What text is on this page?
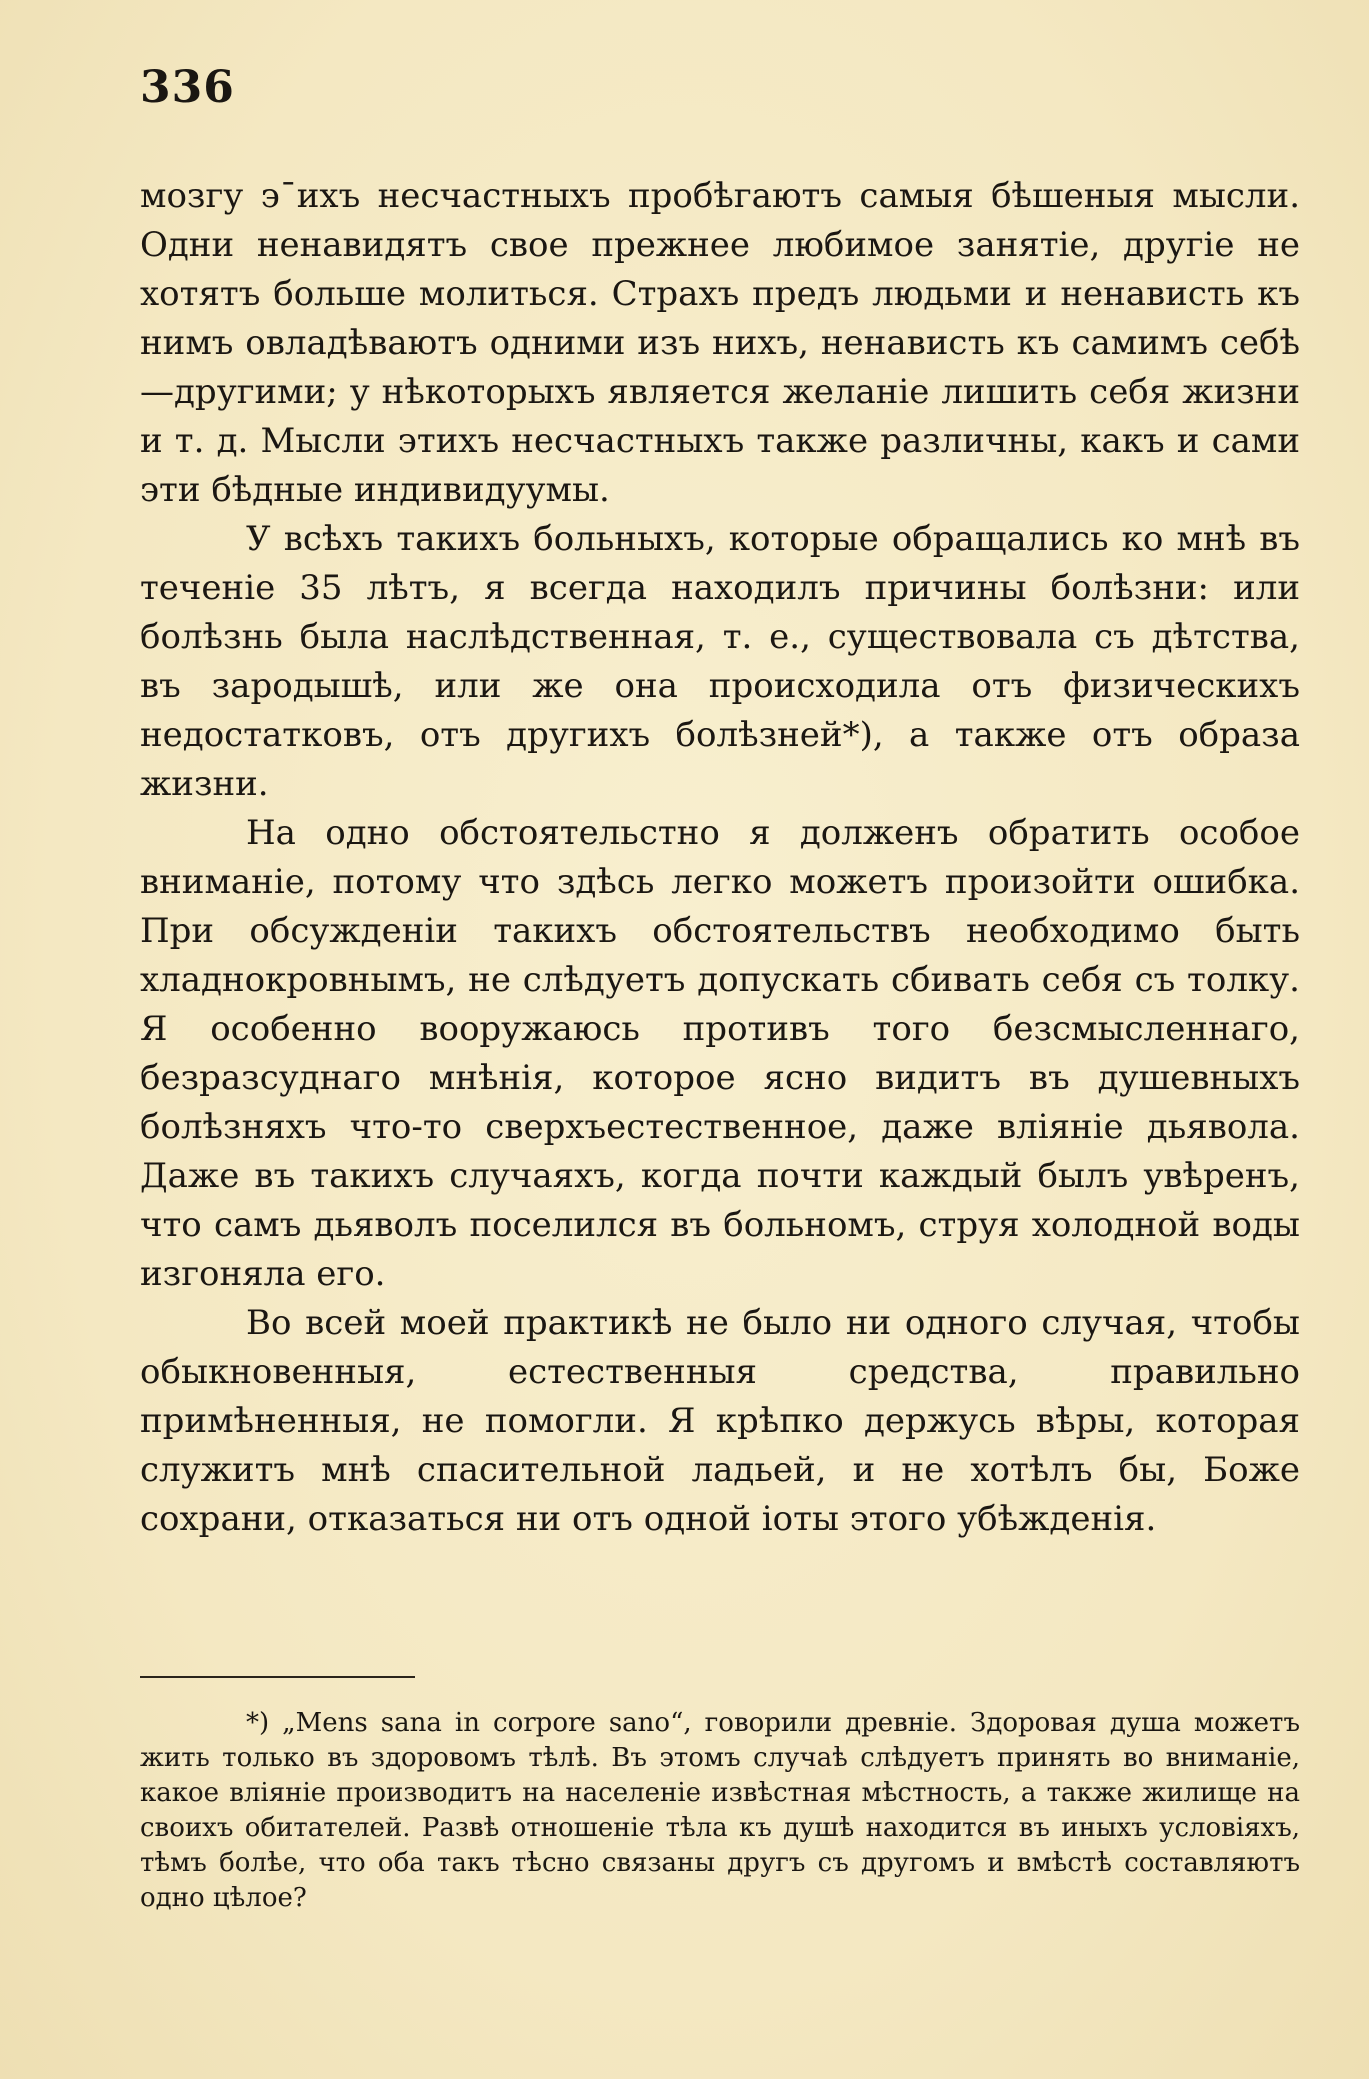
336

мозгу эˉихъ несчастныхъ пробѣгаютъ самыя бѣшеныя мысли. Одни ненавидятъ свое прежнее любимое занятіе, другіе не хотятъ больше молиться. Страхъ предъ людьми и ненависть къ нимъ овладѣваютъ одними изъ нихъ, ненависть къ самимъ себѣ—другими; у нѣкоторыхъ является желаніе лишить себя жизни и т. д. Мысли этихъ несчастныхъ также различны, какъ и сами эти бѣдные индивидуумы.

У всѣхъ такихъ больныхъ, которые обращались ко мнѣ въ теченіе 35 лѣтъ, я всегда находилъ причины болѣзни: или болѣзнь была наслѣдственная, т. е., существовала съ дѣтства, въ зародышѣ, или же она происходила отъ физическихъ недостатковъ, отъ другихъ болѣзней*), а также отъ образа жизни.

На одно обстоятельстно я долженъ обратить особое вниманіе, потому что здѣсь легко можетъ произойти ошибка. При обсужденіи такихъ обстоятельствъ необходимо быть хладнокровнымъ, не слѣдуетъ допускать сбивать себя съ толку. Я особенно вооружаюсь противъ того безсмысленнаго, безразсуднаго мнѣнія, которое ясно видитъ въ душевныхъ болѣзняхъ что-то сверхъестественное, даже вліяніе дьявола. Даже въ такихъ случаяхъ, когда почти каждый былъ увѣренъ, что самъ дьяволъ поселился въ больномъ, струя холодной воды изгоняла его.

Во всей моей практикѣ не было ни одного случая, чтобы обыкновенныя, естественныя средства, правильно примѣненныя, не помогли. Я крѣпко держусь вѣры, которая служитъ мнѣ спасительной ладьей, и не хотѣлъ бы, Боже сохрани, отказаться ни отъ одной іоты этого убѣжденія.

*) „Mens sana in corpore sano“, говорили древніе. Здоровая душа можетъ жить только въ здоровомъ тѣлѣ. Въ этомъ случаѣ слѣдуетъ принять во вниманіе, какое вліяніе производитъ на населеніе извѣстная мѣстность, а также жилище на своихъ обитателей. Развѣ отношеніе тѣла къ душѣ находится въ иныхъ условіяхъ, тѣмъ болѣе, что оба такъ тѣсно связаны другъ съ другомъ и вмѣстѣ составляютъ одно цѣлое?
